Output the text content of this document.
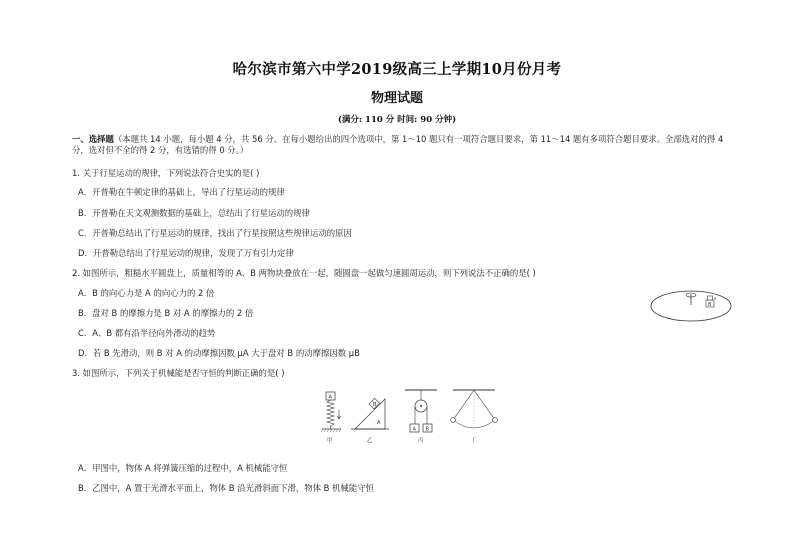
哈尔滨市第六中学2019级高三上学期10月份月考
物理试题
(满分: 110 分 时间: 90 分钟)
一、选择题（本题共 14 小题，每小题 4 分，共 56 分。在每小题给出的四个选项中，第 1～10 题只有一项符合题目要求，第 11～14 题有多项符合题目要求。全部选对的得 4 分，选对但不全的得 2 分，有选错的得 0 分。）
1. 关于行星运动的规律，下列说法符合史实的是( )
A．开普勒在牛顿定律的基础上，导出了行星运动的规律
B．开普勒在天文观测数据的基础上，总结出了行星运动的规律
C．开普勒总结出了行星运动的规律，找出了行星按照这些规律运动的原因
D．开普勒总结出了行星运动的规律，发现了万有引力定律
2. 如图所示，粗糙水平圆盘上，质量相等的 A、B 两物块叠放在一起，随圆盘一起做匀速圆周运动，则下列说法不正确的是( )
A．B 的向心力是 A 的向心力的 2 倍
B．盘对 B 的摩擦力是 B 对 A 的摩擦力的 2 倍
C．A、B 都有沿半径向外滑动的趋势
D．若 B 先滑动，则 B 对 A 的动摩擦因数 μA 大于盘对 B 的动摩擦因数 μB
B
A
3. 如图所示，下列关于机械能是否守恒的判断正确的是( )
A
甲
B
A
乙
A B
丙	丁
A．甲图中，物体 A 将弹簧压缩的过程中，A 机械能守恒
B．乙图中，A 置于光滑水平面上，物体 B 沿光滑斜面下滑，物体 B 机械能守恒
